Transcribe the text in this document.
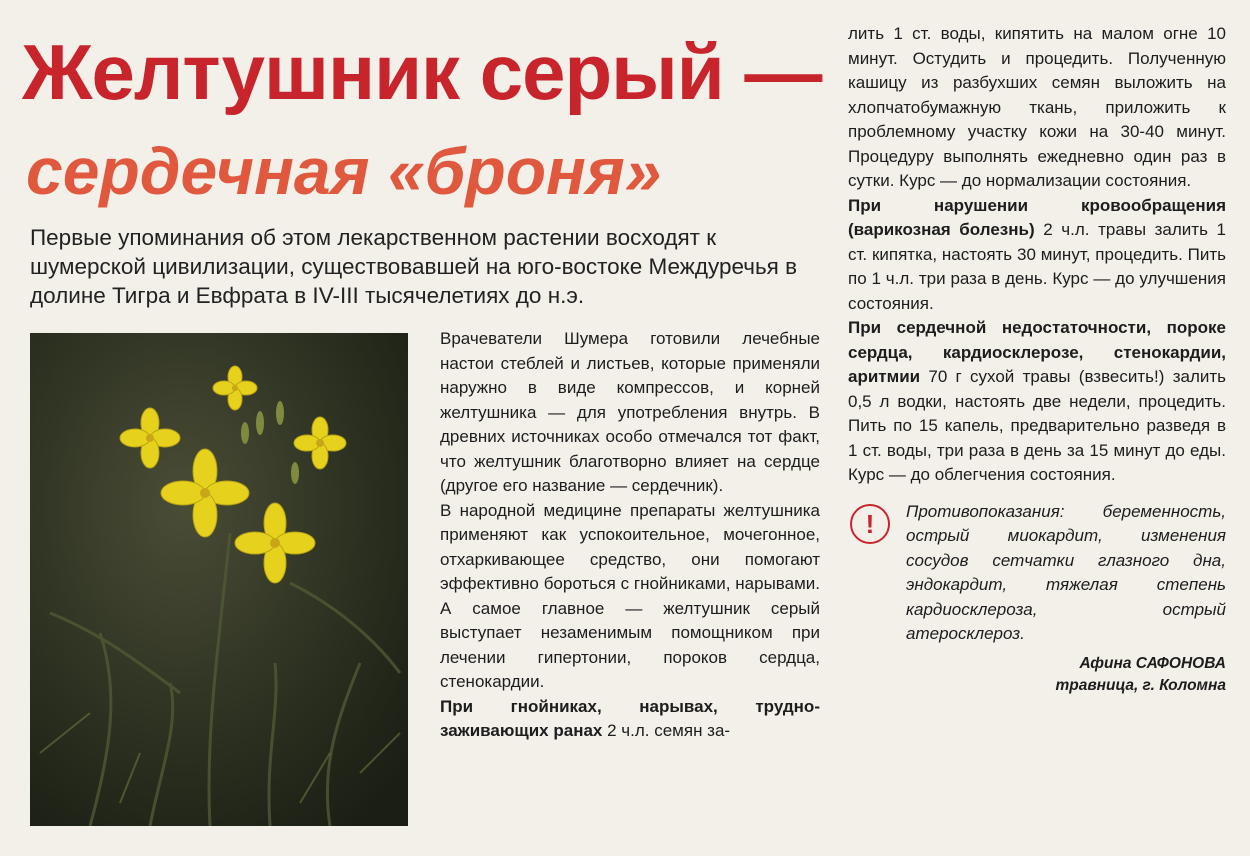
Желтушник серый —
сердечная «броня»
Первые упоминания об этом лекарственном растении восходят к шумерской цивилизации, существовавшей на юго-востоке Междуречья в долине Тигра и Евфрата в IV-III тысячелетиях до н.э.

Врачеватели Шумера готовили лечебные настои стеблей и листьев, которые применяли наружно в виде компрессов, и корней желтушника — для употребления внутрь. В древних источниках особо отмечался тот факт, что желтушник благотворно влияет на сердце (другое его название — сердечник).

В народной медицине препараты желтушника применяют как успокоительное, мочегонное, отхаркивающее средство, они помогают эффективно бороться с гнойниками, нарывами. А самое главное — желтушник серый выступает незаменимым помощником при лечении гипертонии, пороков сердца, стенокардии.

При гнойниках, нарывах, труднозаживающих ранах 2 ч.л. семян за-

лить 1 ст. воды, кипятить на малом огне 10 минут. Остудить и процедить. Полученную кашицу из разбухших семян выложить на хлопчатобумажную ткань, приложить к проблемному участку кожи на 30-40 минут. Процедуру выполнять ежедневно один раз в сутки. Курс — до нормализации состояния.

При нарушении кровообращения (варикозная болезнь) 2 ч.л. травы залить 1 ст. кипятка, настоять 30 минут, процедить. Пить по 1 ч.л. три раза в день. Курс — до улучшения состояния.

При сердечной недостаточности, пороке сердца, кардиосклерозе, стенокардии, аритмии 70 г сухой травы (взвесить!) залить 0,5 л водки, настоять две недели, процедить. Пить по 15 капель, предварительно разведя в 1 ст. воды, три раза в день за 15 минут до еды. Курс — до облегчения состояния.

!	Противопоказания: беременность, острый миокардит, изменения сосудов сетчатки глазного дна, эндокардит, тяжелая степень кардиосклероза, острый атеросклероз.
Афина САФОНОВА
травница, г. Коломна
